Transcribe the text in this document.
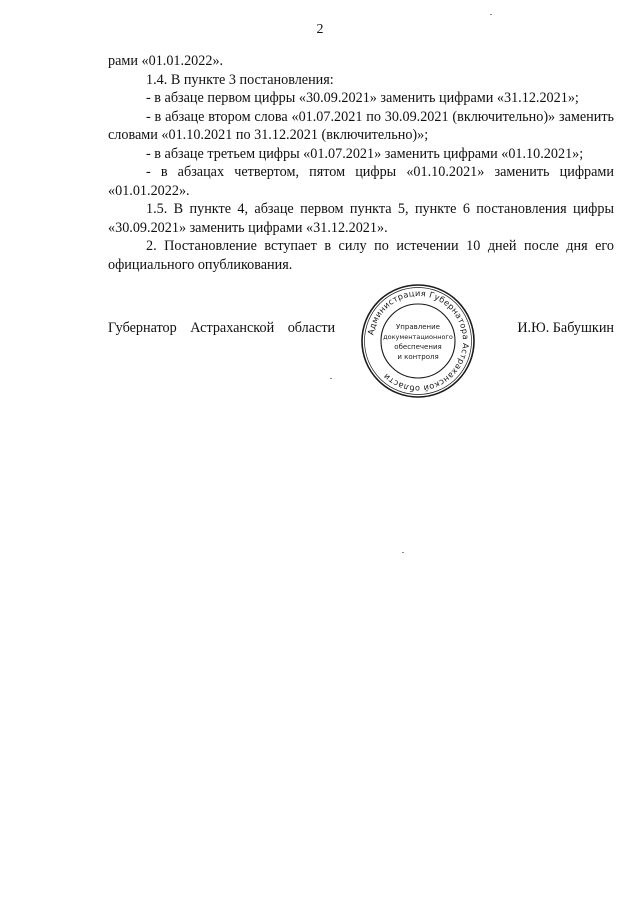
2

рами «01.01.2022».

1.4. В пункте 3 постановления:

- в абзаце первом цифры «30.09.2021» заменить цифрами «31.12.2021»;

- в абзаце втором слова «01.07.2021 по 30.09.2021 (включительно)» заменить словами «01.10.2021 по 31.12.2021 (включительно)»;

- в абзаце третьем цифры «01.07.2021» заменить цифрами «01.10.2021»;

- в абзацах четвертом, пятом цифры «01.10.2021» заменить цифрами «01.01.2022».

1.5. В пункте 4, абзаце первом пункта 5, пункте 6 постановления цифры «30.09.2021» заменить цифрами «31.12.2021».

2. Постановление вступает в силу по истечении 10 дней после дня его официального опубликования.

Губернатор Астраханской области	И.Ю. Бабушкин
Администрация Губернатора Астраханской области
Управление
документационного
обеспечения
и контроля
